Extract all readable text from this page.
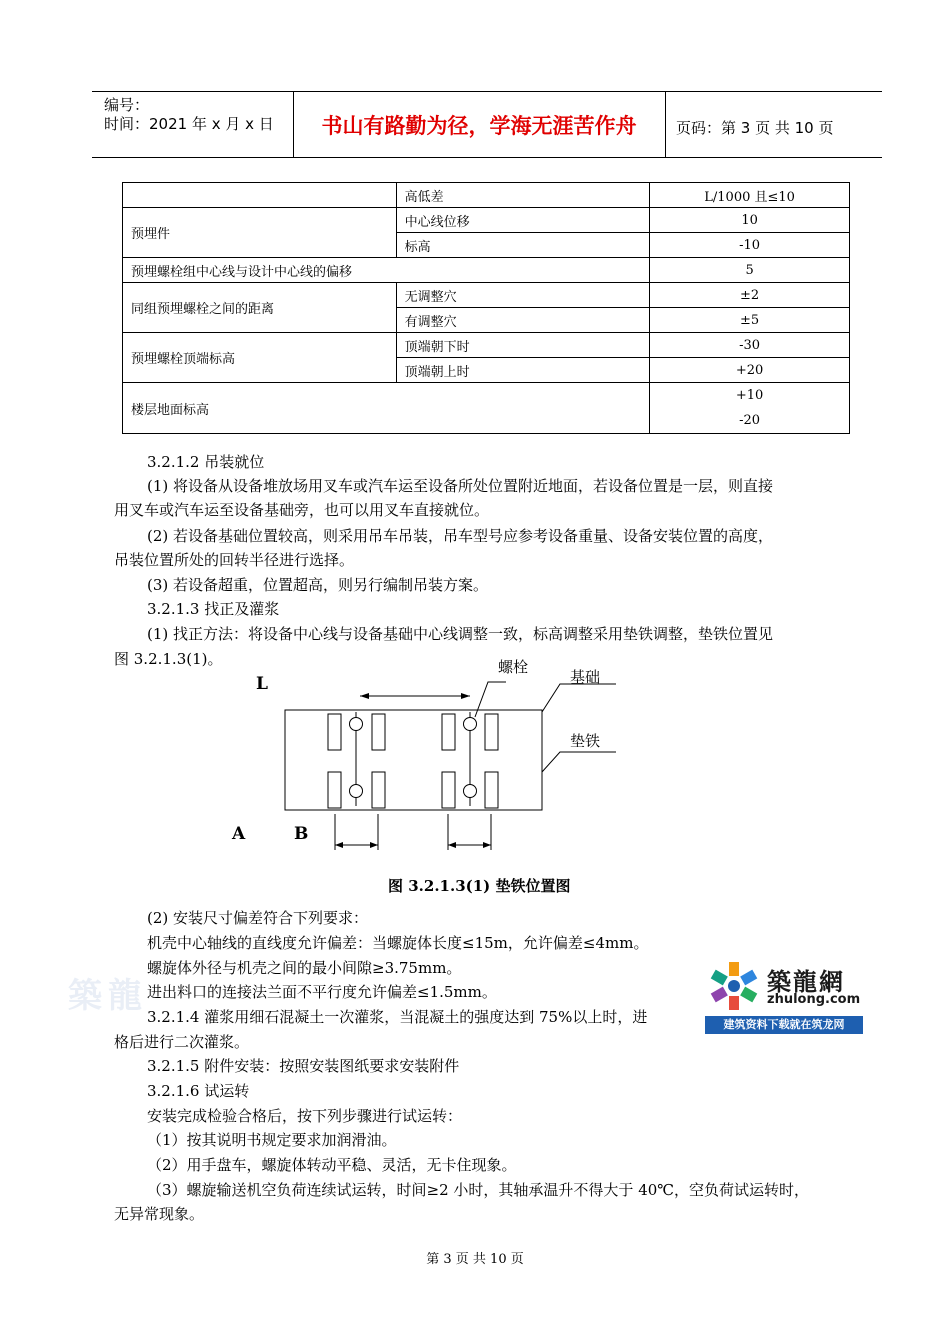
编号：
时间：2021 年 x 月 x 日	书山有路勤为径，学海无涯苦作舟	页码：第 3 页 共 10 页
	高低差	L/1000 且≤10
预埋件	中心线位移	10
	标高	-10
预埋螺栓组中心线与设计中心线的偏移		5
同组预埋螺栓之间的距离	无调整穴	±2
	有调整穴	±5
预埋螺栓顶端标高	顶端朝下时	-30
	顶端朝上时	+20
楼层地面标高		+10
-20
3.2.1.2 吊装就位
(1) 将设备从设备堆放场用叉车或汽车运至设备所处位置附近地面，若设备位置是一层，则直接
用叉车或汽车运至设备基础旁，也可以用叉车直接就位。
(2) 若设备基础位置较高，则采用吊车吊装，吊车型号应参考设备重量、设备安装位置的高度，
吊装位置所处的回转半径进行选择。
(3) 若设备超重，位置超高，则另行编制吊装方案。
3.2.1.3 找正及灌浆
(1) 找正方法：将设备中心线与设备基础中心线调整一致，标高调整采用垫铁调整，垫铁位置见
图 3.2.1.3(1)。
L
A	B
螺栓
基础
垫铁
图 3.2.1.3(1) 垫铁位置图
築龍
(2) 安装尺寸偏差符合下列要求：
机壳中心轴线的直线度允许偏差：当螺旋体长度≤15m，允许偏差≤4mm。
螺旋体外径与机壳之间的最小间隙≥3.75mm。
进出料口的连接法兰面不平行度允许偏差≤1.5mm。
3.2.1.4 灌浆用细石混凝土一次灌浆，当混凝土的强度达到 75%以上时，进
格后进行二次灌浆。
3.2.1.5 附件安装：按照安装图纸要求安装附件
3.2.1.6 试运转
安装完成检验合格后，按下列步骤进行试运转：
（1）按其说明书规定要求加润滑油。
（2）用手盘车，螺旋体转动平稳、灵活，无卡住现象。
（3）螺旋输送机空负荷连续试运转，时间≥2 小时，其轴承温升不得大于 40℃，空负荷试运转时，
无异常现象。
築龍網
zhulong.com
建筑资料下载就在筑龙网
第 3 页 共 10 页
